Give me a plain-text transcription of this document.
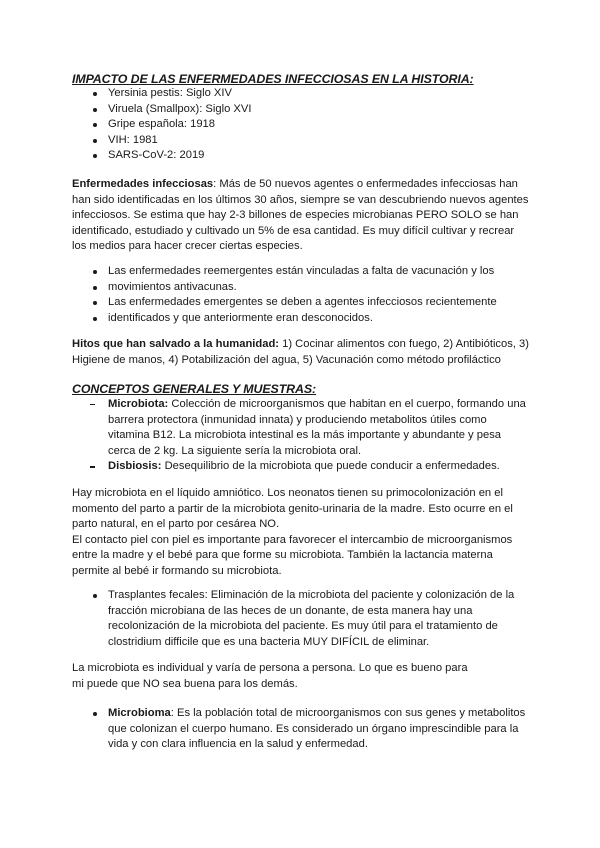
IMPACTO DE LAS ENFERMEDADES INFECCIOSAS EN LA HISTORIA:
Yersinia pestis: Siglo XIV
Viruela (Smallpox): Siglo XVI
Gripe española: 1918
VIH: 1981
SARS-CoV-2: 2019

Enfermedades infecciosas: Más de 50 nuevos agentes o enfermedades infecciosas han

han sido identificadas en los últimos 30 años, siempre se van descubriendo nuevos agentes

infecciosos. Se estima que hay 2-3 billones de especies microbianas PERO SOLO se han

identificado, estudiado y cultivado un 5% de esa cantidad. Es muy difícil cultivar y recrear

los medios para hacer crecer ciertas especies.

Las enfermedades reemergentes están vinculadas a falta de vacunación y los
movimientos antivacunas.
Las enfermedades emergentes se deben a agentes infecciosos recientemente
identificados y que anteriormente eran desconocidos.

Hitos que han salvado a la humanidad: 1) Cocinar alimentos con fuego, 2) Antibióticos, 3)

Higiene de manos, 4) Potabilización del agua, 5) Vacunación como método profiláctico

CONCEPTOS GENERALES Y MUESTRAS:

Microbiota: Colección de microorganismos que habitan en el cuerpo, formando una

barrera protectora (inmunidad innata) y produciendo metabolitos útiles como

vitamina B12. La microbiota intestinal es la más importante y abundante y pesa

cerca de 2 kg. La siguiente sería la microbiota oral.

Disbiosis: Desequilibrio de la microbiota que puede conducir a enfermedades.

Hay microbiota en el líquido amniótico. Los neonatos tienen su primocolonización en el

momento del parto a partir de la microbiota genito-urinaria de la madre. Esto ocurre en el

parto natural, en el parto por cesárea NO.

El contacto piel con piel es importante para favorecer el intercambio de microorganismos

entre la madre y el bebé para que forme su microbiota. También la lactancia materna

permite al bebé ir formando su microbiota.

Trasplantes fecales: Eliminación de la microbiota del paciente y colonización de la

fracción microbiana de las heces de un donante, de esta manera hay una

recolonización de la microbiota del paciente. Es muy útil para el tratamiento de

clostridium difficile que es una bacteria MUY DIFÍCIL de eliminar.

La microbiota es individual y varía de persona a persona. Lo que es bueno para

mi puede que NO sea buena para los demás.

Microbioma: Es la población total de microorganismos con sus genes y metabolitos

que colonizan el cuerpo humano. Es considerado un órgano imprescindible para la

vida y con clara influencia en la salud y enfermedad.
